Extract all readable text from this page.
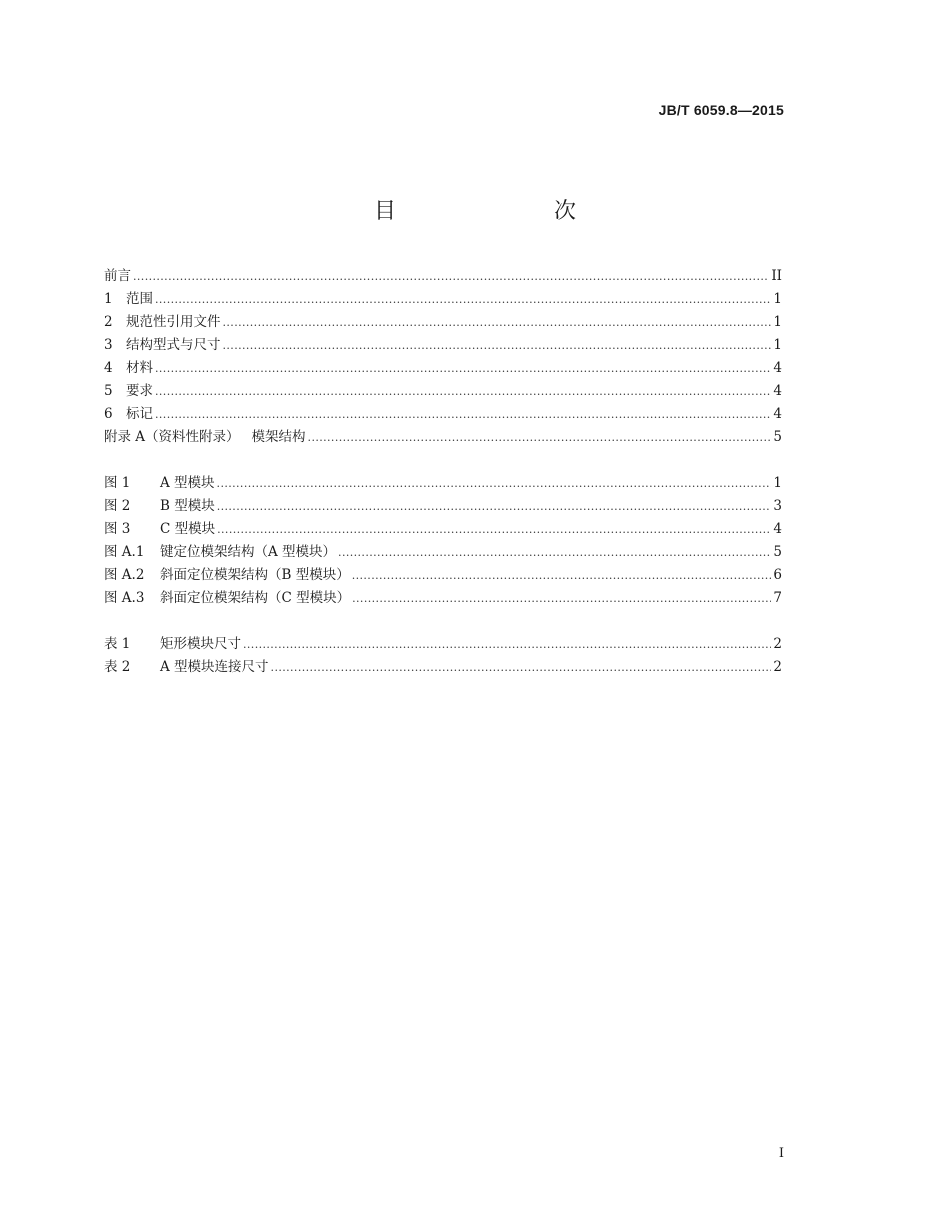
JB/T 6059.8—2015
目　　次
前言 .....	II
1 范围 .....	1
2 规范性引用文件 .....	1
3 结构型式与尺寸 .....	1
4 材料 .....	4
5 要求 .....	4
6 标记 .....	4
附录 A（资料性附录） 模架结构 .....	5
图 1 A 型模块 .....	1
图 2 B 型模块 .....	3
图 3 C 型模块 .....	4
图 A.1 键定位模架结构（A 型模块） .....	5
图 A.2 斜面定位模架结构（B 型模块） .....	6
图 A.3 斜面定位模架结构（C 型模块） .....	7
表 1 矩形模块尺寸 .....	2
表 2 A 型模块连接尺寸 .....	2
I
